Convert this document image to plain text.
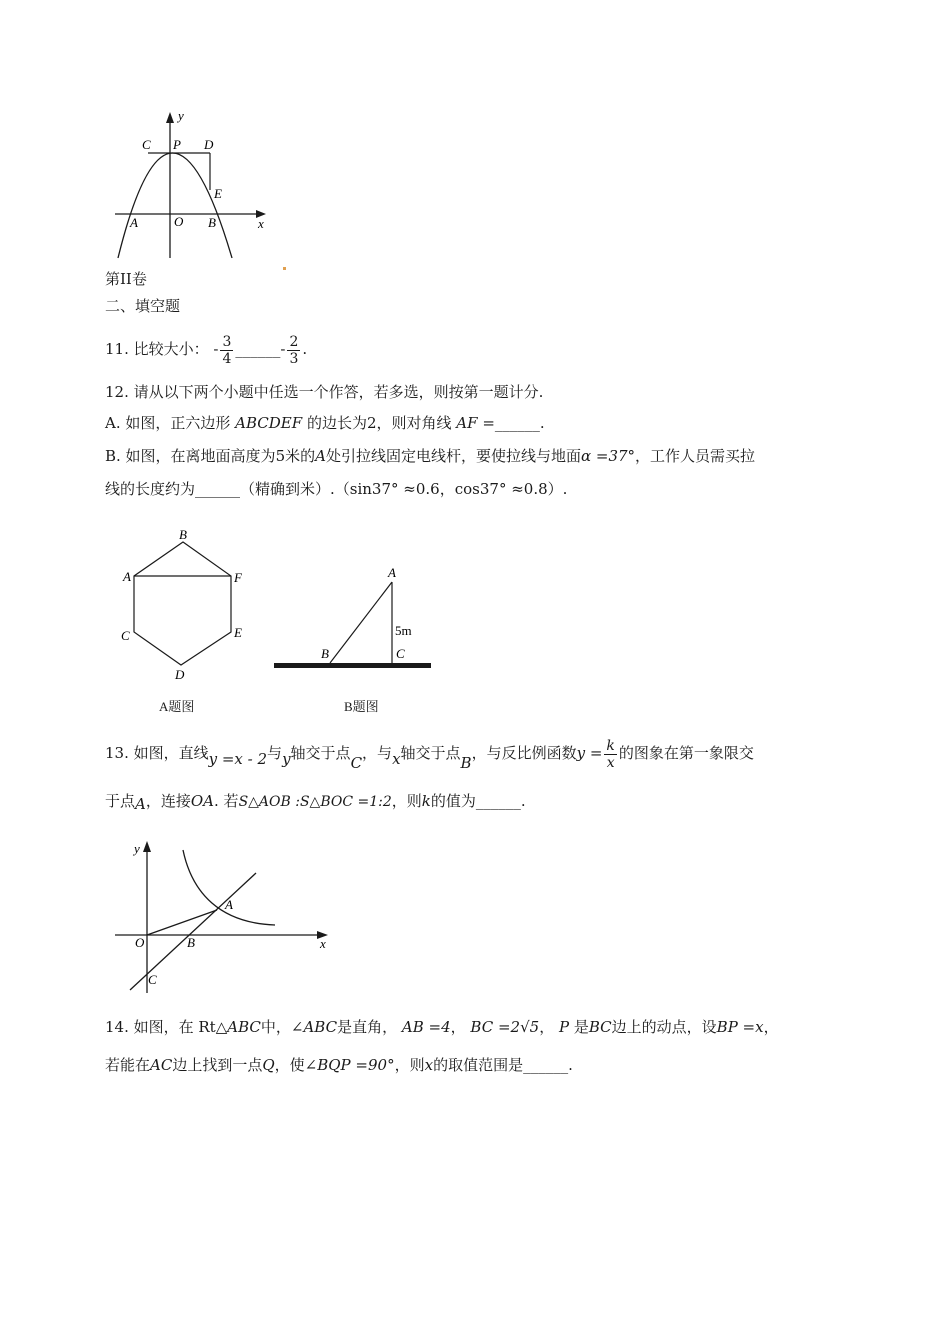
y
C P D
E
A	O B	x
第II卷
二、填空题
11. 比较大小： - $\frac{3}{4}$ ______- $\frac{2}{3}$ .
12. 请从以下两个小题中任选一个作答，若多选，则按第一题计分.
A. 如图，正六边形 ABCDEF 的边长为2，则对角线 AF =______.
B. 如图，在离地面高度为5米的A处引拉线固定电线杆，要使拉线与地面α =37°，工作人员需买拉
线的长度约为______（精确到米）.（sin37° ≈0.6，cos37° ≈0.8）.
B
A	F
C	E
D
A题图
A
5m
B	C
B题图
13. 如图，直线y =x - 2与y轴交于点C，与x轴交于点B，与反比例函数$y = \frac{k}{x}$ 的图象在第一象限交
于点A，连接OA. 若S△AOB :S△BOC =1:2，则k的值为______.
y
A
O	B	x
C
14. 如图，在 Rt△ABC中，∠ABC是直角， AB =4， BC =2√5， P 是BC边上的动点，设BP =x，
若能在AC边上找到一点Q，使∠BQP =90°，则x的取值范围是______.
